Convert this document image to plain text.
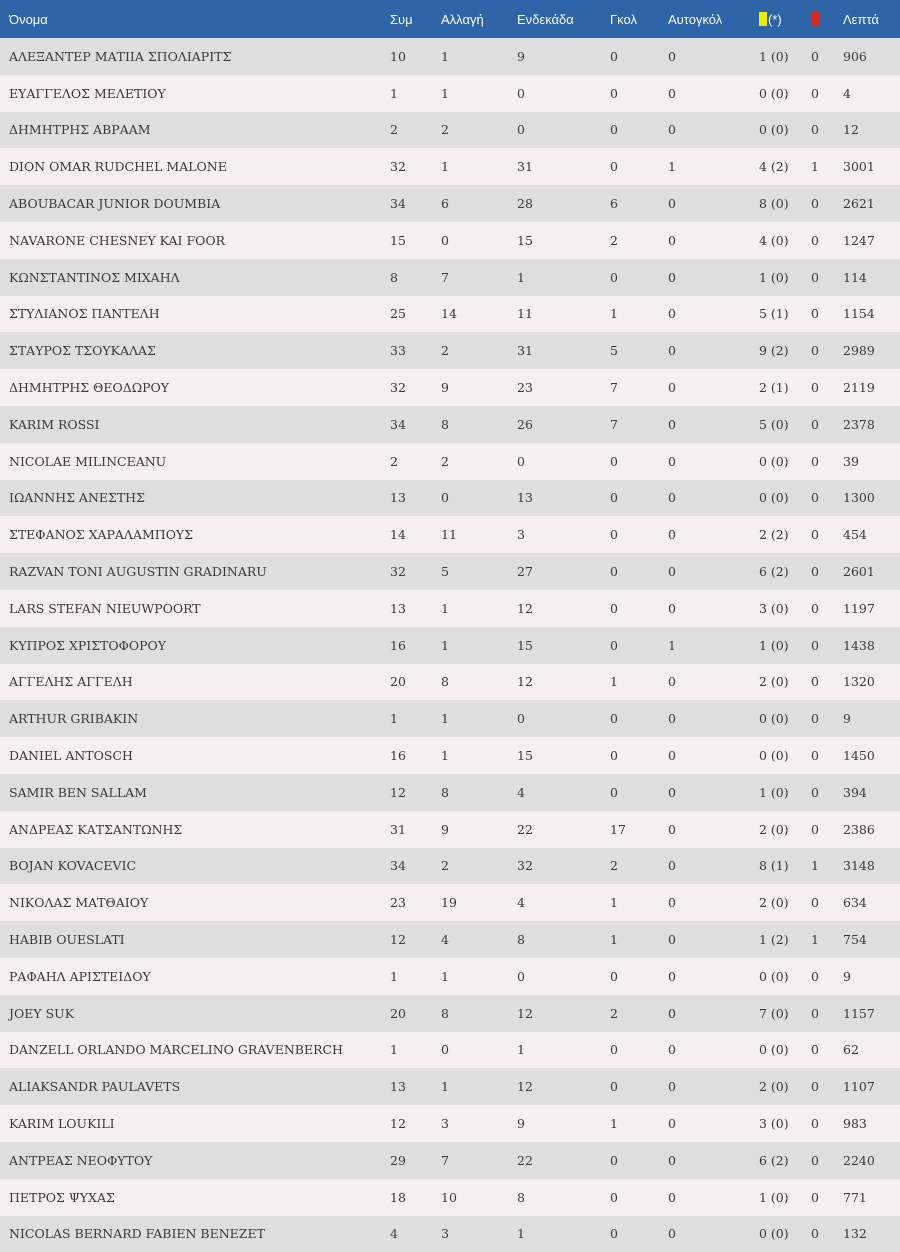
Όνομα	Συμ	Αλλαγή	Ενδεκάδα	Γκολ	Αυτογκόλ	(*)		Λεπτά
ΑΛΕΞΑΝΤΕΡ ΜΑΤΙΙΑ ΣΠΟΛΙΑΡΙΤΣ	10	1	9	0	0	1 (0)	0	906
ΕΥΑΓΓΕΛΟΣ ΜΕΛΕΤΙΟΥ	1	1	0	0	0	0 (0)	0	4
ΔΗΜΗΤΡΗΣ ΑΒΡΑΑΜ	2	2	0	0	0	0 (0)	0	12
DION OMAR RUDCHEL MALONE	32	1	31	0	1	4 (2)	1	3001
ABOUBACAR JUNIOR DOUMBIA	34	6	28	6	0	8 (0)	0	2621
NAVARONE CHESNEY KAI FOOR	15	0	15	2	0	4 (0)	0	1247
ΚΩΝΣΤΑΝΤΙΝΟΣ ΜΙΧΑΗΛ	8	7	1	0	0	1 (0)	0	114
ΣΤΥΛΙΑΝΟΣ ΠΑΝΤΕΛΗ	25	14	11	1	0	5 (1)	0	1154
ΣΤΑΥΡΟΣ ΤΣΟΥΚΑΛΑΣ	33	2	31	5	0	9 (2)	0	2989
ΔΗΜΗΤΡΗΣ ΘΕΟΔΩΡΟΥ	32	9	23	7	0	2 (1)	0	2119
KARIM ROSSI	34	8	26	7	0	5 (0)	0	2378
NICOLAE MILINCEANU	2	2	0	0	0	0 (0)	0	39
ΙΩΑΝΝΗΣ ΑΝΕΣΤΗΣ	13	0	13	0	0	0 (0)	0	1300
ΣΤΕΦΑΝΟΣ ΧΑΡΑΛΑΜΠΟΥΣ	14	11	3	0	0	2 (2)	0	454
RAZVAN TONI AUGUSTIN GRADINARU	32	5	27	0	0	6 (2)	0	2601
LARS STEFAN NIEUWPOORT	13	1	12	0	0	3 (0)	0	1197
ΚΥΠΡΟΣ ΧΡΙΣΤΟΦΟΡΟΥ	16	1	15	0	1	1 (0)	0	1438
ΑΓΓΕΛΗΣ ΑΓΓΕΛΗ	20	8	12	1	0	2 (0)	0	1320
ARTHUR GRIBAKIN	1	1	0	0	0	0 (0)	0	9
DANIEL ANTOSCH	16	1	15	0	0	0 (0)	0	1450
SAMIR BEN SALLAM	12	8	4	0	0	1 (0)	0	394
ΑΝΔΡΕΑΣ ΚΑΤΣΑΝΤΩΝΗΣ	31	9	22	17	0	2 (0)	0	2386
BOJAN KOVACEVIC	34	2	32	2	0	8 (1)	1	3148
ΝΙΚΟΛΑΣ ΜΑΤΘΑΙΟΥ	23	19	4	1	0	2 (0)	0	634
HABIB OUESLATI	12	4	8	1	0	1 (2)	1	754
ΡΑΦΑΗΛ ΑΡΙΣΤΕΙΔΟΥ	1	1	0	0	0	0 (0)	0	9
JOEY SUK	20	8	12	2	0	7 (0)	0	1157
DANZELL ORLANDO MARCELINO GRAVENBERCH	1	0	1	0	0	0 (0)	0	62
ALIAKSANDR PAULAVETS	13	1	12	0	0	2 (0)	0	1107
KARIM LOUKILI	12	3	9	1	0	3 (0)	0	983
ΑΝΤΡΕΑΣ ΝΕΟΦΥΤΟΥ	29	7	22	0	0	6 (2)	0	2240
ΠΕΤΡΟΣ ΨΥΧΑΣ	18	10	8	0	0	1 (0)	0	771
NICOLAS BERNARD FABIEN BENEZET	4	3	1	0	0	0 (0)	0	132
